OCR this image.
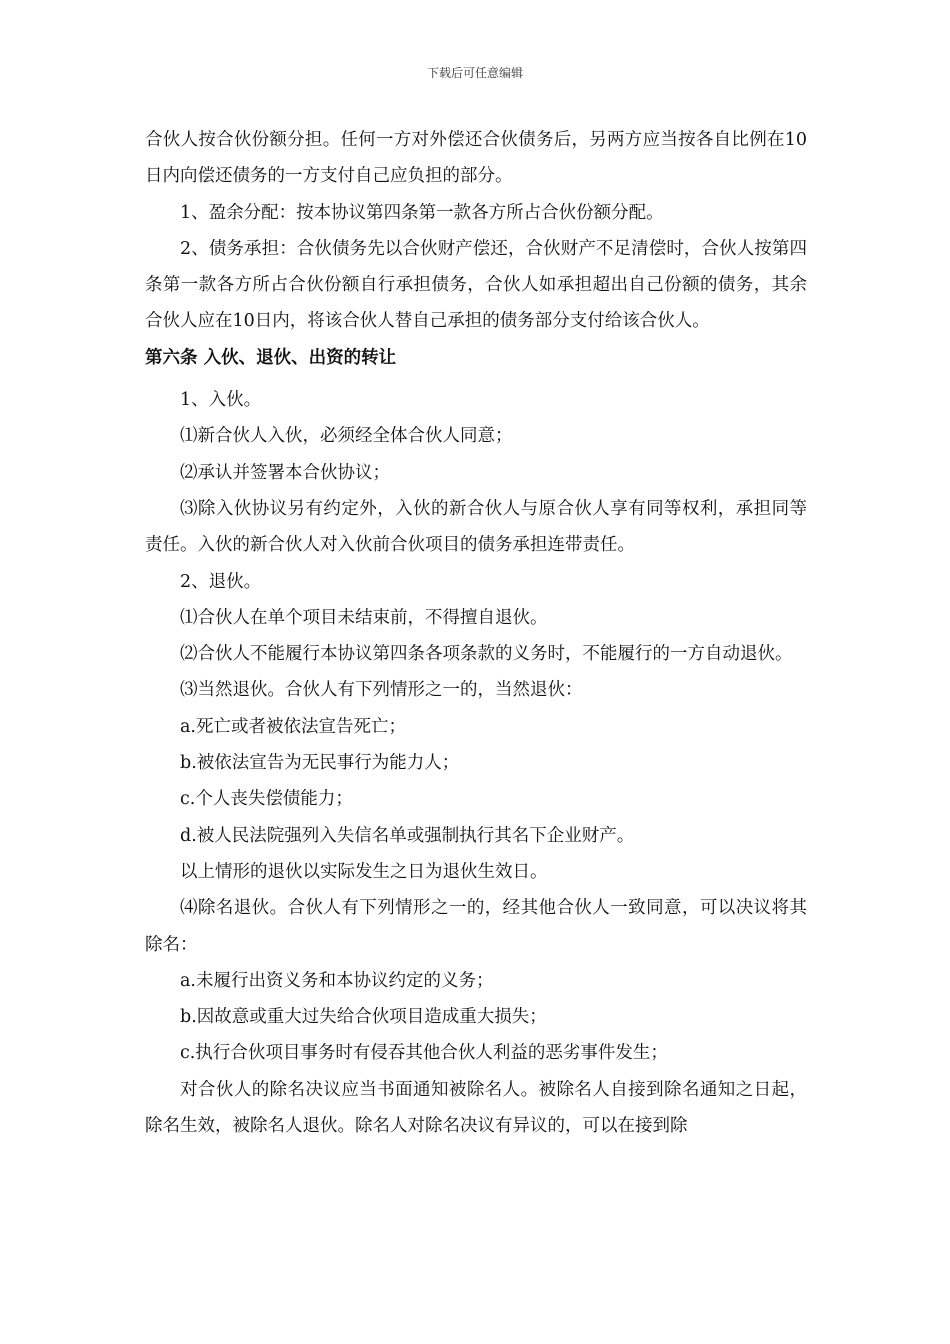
下载后可任意编辑

合伙人按合伙份额分担。任何一方对外偿还合伙债务后，另两方应当按各自比例在10日内向偿还债务的一方支付自己应负担的部分。

1、盈余分配：按本协议第四条第一款各方所占合伙份额分配。

2、债务承担：合伙债务先以合伙财产偿还，合伙财产不足清偿时，合伙人按第四条第一款各方所占合伙份额自行承担债务，合伙人如承担超出自己份额的债务，其余合伙人应在10日内，将该合伙人替自己承担的债务部分支付给该合伙人。

第六条 入伙、退伙、出资的转让

1、入伙。

⑴新合伙人入伙，必须经全体合伙人同意；

⑵承认并签署本合伙协议；

⑶除入伙协议另有约定外，入伙的新合伙人与原合伙人享有同等权利，承担同等责任。入伙的新合伙人对入伙前合伙项目的债务承担连带责任。

2、退伙。

⑴合伙人在单个项目未结束前，不得擅自退伙。

⑵合伙人不能履行本协议第四条各项条款的义务时，不能履行的一方自动退伙。

⑶当然退伙。合伙人有下列情形之一的，当然退伙：

a.死亡或者被依法宣告死亡；

b.被依法宣告为无民事行为能力人；

c.个人丧失偿债能力；

d.被人民法院强列入失信名单或强制执行其名下企业财产。

以上情形的退伙以实际发生之日为退伙生效日。

⑷除名退伙。合伙人有下列情形之一的，经其他合伙人一致同意，可以决议将其除名：

a.未履行出资义务和本协议约定的义务；

b.因故意或重大过失给合伙项目造成重大损失；

c.执行合伙项目事务时有侵吞其他合伙人利益的恶劣事件发生；

对合伙人的除名决议应当书面通知被除名人。被除名人自接到除名通知之日起，除名生效，被除名人退伙。除名人对除名决议有异议的，可以在接到除
